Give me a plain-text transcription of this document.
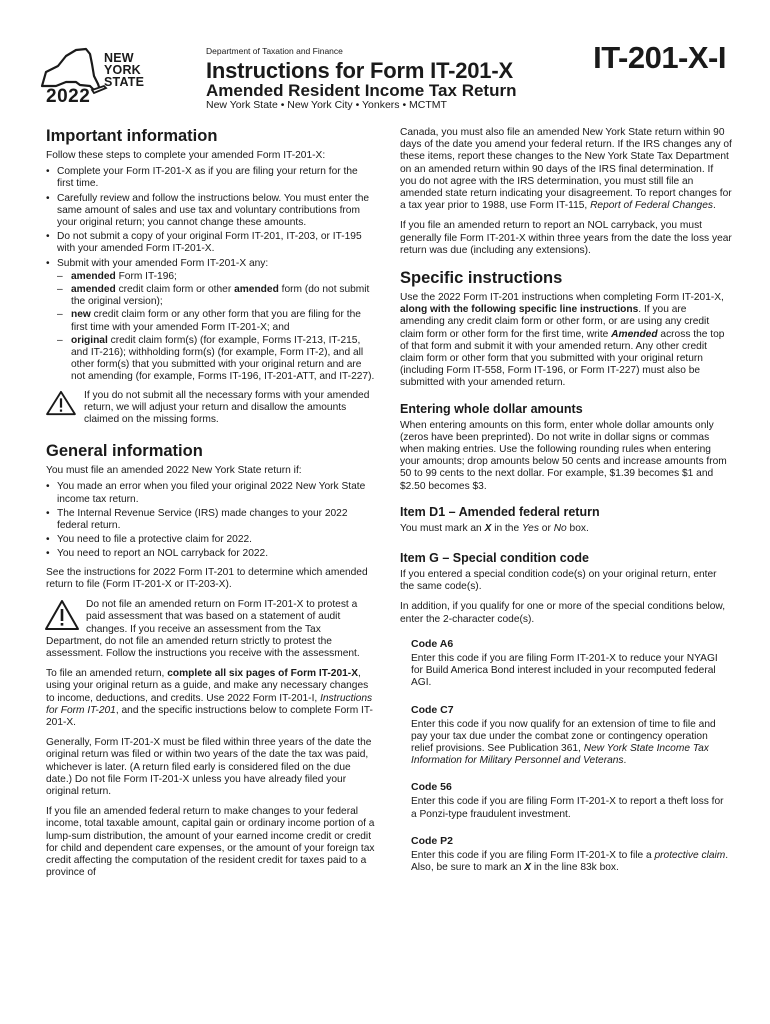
NEW
YORK
STATE
2022
Department of Taxation and Finance
Instructions for Form IT-201-X	IT-201-X-I
Amended Resident Income Tax Return
New York State • New York City • Yonkers • MCTMT
Important information

Follow these steps to complete your amended Form IT-201-X:

• Complete your Form IT-201-X as if you are filing your return for the first time.
• Carefully review and follow the instructions below. You must enter the same amount of sales and use tax and voluntary contributions from your original return; you cannot change these amounts.
• Do not submit a copy of your original Form IT-201, IT-203, or IT-195 with your amended Form IT-201-X.
• Submit with your amended Form IT-201-X any:
– amended Form IT-196;
– amended credit claim form or other amended form (do not submit the original version);
– new credit claim form or any other form that you are filing for the first time with your amended Form IT-201-X; and
– original credit claim form(s) (for example, Forms IT-213, IT-215, and IT-216); withholding form(s) (for example, Form IT-2), and all other form(s) that you submitted with your original return and are not amending (for example, Forms IT-196, IT-201-ATT, and IT-227).
If you do not submit all the necessary forms with your amended return, we will adjust your return and disallow the amounts claimed on the missing forms.
General information

You must file an amended 2022 New York State return if:

• You made an error when you filed your original 2022 New York State income tax return.
• The Internal Revenue Service (IRS) made changes to your 2022 federal return.
• You need to file a protective claim for 2022.
• You need to report an NOL carryback for 2022.

See the instructions for 2022 Form IT-201 to determine which amended return to file (Form IT-201-X or IT-203-X).

Do not file an amended return on Form IT-201-X to protest a paid assessment that was based on a statement of audit changes. If you receive an assessment from the Tax Department, do not file an amended return strictly to protest the assessment. Follow the instructions you receive with the assessment.

To file an amended return, complete all six pages of Form IT-201-X, using your original return as a guide, and make any necessary changes to income, deductions, and credits. Use 2022 Form IT-201-I, Instructions for Form IT-201, and the specific instructions below to complete Form IT-201-X.

Generally, Form IT-201-X must be filed within three years of the date the original return was filed or within two years of the date the tax was paid, whichever is later. (A return filed early is considered filed on the due date.) Do not file Form IT-201-X unless you have already filed your original return.

If you file an amended federal return to make changes to your federal income, total taxable amount, capital gain or ordinary income portion of a lump-sum distribution, the amount of your earned income credit or credit for child and dependent care expenses, or the amount of your foreign tax credit affecting the computation of the resident credit for taxes paid to a province of

Canada, you must also file an amended New York State return within 90 days of the date you amend your federal return. If the IRS changes any of these items, report these changes to the New York State Tax Department on an amended return within 90 days of the IRS final determination. If you do not agree with the IRS determination, you must still file an amended state return indicating your disagreement. To report changes for a tax year prior to 1988, use Form IT-115, Report of Federal Changes.

If you file an amended return to report an NOL carryback, you must generally file Form IT-201-X within three years from the date the loss year return was due (including any extensions).

Specific instructions

Use the 2022 Form IT-201 instructions when completing Form IT-201-X, along with the following specific line instructions. If you are amending any credit claim form or other form, or are using any credit claim form or other form for the first time, write Amended across the top of that form and submit it with your amended return. Any other credit claim form or other form that you submitted with your original return (including Form IT-558, Form IT-196, or Form IT-227) must also be submitted with your amended return.

Entering whole dollar amounts

When entering amounts on this form, enter whole dollar amounts only (zeros have been preprinted). Do not write in dollar signs or commas when making entries. Use the following rounding rules when entering your amounts; drop amounts below 50 cents and increase amounts from 50 to 99 cents to the next dollar. For example, $1.39 becomes $1 and $2.50 becomes $3.

Item D1 – Amended federal return

You must mark an X in the Yes or No box.

Item G – Special condition code

If you entered a special condition code(s) on your original return, enter the same code(s).

In addition, if you qualify for one or more of the special conditions below, enter the 2-character code(s).

Code A6

Enter this code if you are filing Form IT-201-X to reduce your NYAGI for Build America Bond interest included in your recomputed federal AGI.

Code C7

Enter this code if you now qualify for an extension of time to file and pay your tax due under the combat zone or contingency operation relief provisions. See Publication 361, New York State Income Tax Information for Military Personnel and Veterans.

Code 56

Enter this code if you are filing Form IT-201-X to report a theft loss for a Ponzi-type fraudulent investment.

Code P2

Enter this code if you are filing Form IT-201-X to file a protective claim. Also, be sure to mark an X in the line 83k box.
